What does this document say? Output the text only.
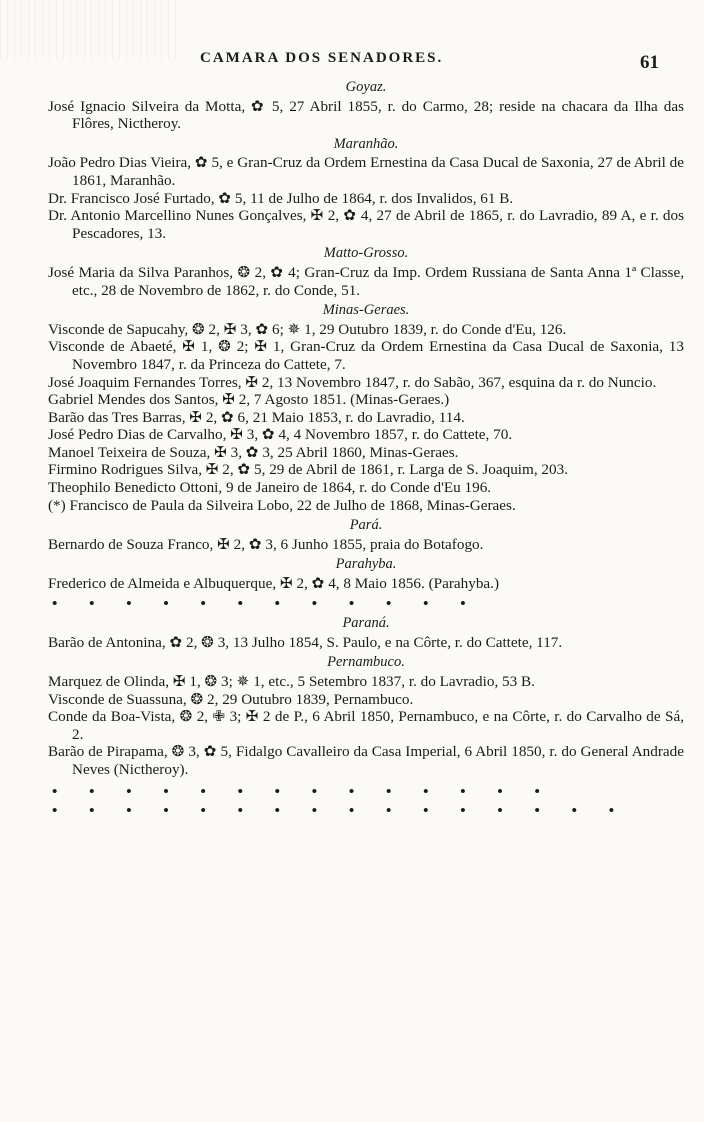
CAMARA DOS SENADORES.	61
Goyaz.

José Ignacio Silveira da Motta, ✿ 5, 27 Abril 1855, r. do Carmo, 28; reside na chacara da Ilha das Flôres, Nictheroy.

Maranhão.

João Pedro Dias Vieira, ✿ 5, e Gran-Cruz da Ordem Ernestina da Casa Ducal de Saxonia, 27 de Abril de 1861, Maranhão.

Dr. Francisco José Furtado, ✿ 5, 11 de Julho de 1864, r. dos Invalidos, 61 B.

Dr. Antonio Marcellino Nunes Gonçalves, ✠ 2, ✿ 4, 27 de Abril de 1865, r. do Lavradio, 89 A, e r. dos Pescadores, 13.

Matto-Grosso.

José Maria da Silva Paranhos, ❂ 2, ✿ 4; Gran-Cruz da Imp. Ordem Russiana de Santa Anna 1ª Classe, etc., 28 de Novembro de 1862, r. do Conde, 51.

Minas-Geraes.

Visconde de Sapucahy, ❂ 2, ✠ 3, ✿ 6; ✵ 1, 29 Outubro 1839, r. do Conde d'Eu, 126.

Visconde de Abaeté, ✠ 1, ❂ 2; ✠ 1, Gran-Cruz da Ordem Ernestina da Casa Ducal de Saxonia, 13 Novembro 1847, r. da Princeza do Cattete, 7.

José Joaquim Fernandes Torres, ✠ 2, 13 Novembro 1847, r. do Sabão, 367, esquina da r. do Nuncio.

Gabriel Mendes dos Santos, ✠ 2, 7 Agosto 1851. (Minas-Geraes.)

Barão das Tres Barras, ✠ 2, ✿ 6, 21 Maio 1853, r. do Lavradio, 114.

José Pedro Dias de Carvalho, ✠ 3, ✿ 4, 4 Novembro 1857, r. do Cattete, 70.

Manoel Teixeira de Souza, ✠ 3, ✿ 3, 25 Abril 1860, Minas-Geraes.

Firmino Rodrigues Silva, ✠ 2, ✿ 5, 29 de Abril de 1861, r. Larga de S. Joaquim, 203.

Theophilo Benedicto Ottoni, 9 de Janeiro de 1864, r. do Conde d'Eu 196.

(*) Francisco de Paula da Silveira Lobo, 22 de Julho de 1868, Minas-Geraes.

Pará.

Bernardo de Souza Franco, ✠ 2, ✿ 3, 6 Junho 1855, praia do Botafogo.

Parahyba.

Frederico de Almeida e Albuquerque, ✠ 2, ✿ 4, 8 Maio 1856. (Parahyba.)

• • • • • • • • • • • •
Paraná.

Barão de Antonina, ✿ 2, ❂ 3, 13 Julho 1854, S. Paulo, e na Côrte, r. do Cattete, 117.

Pernambuco.

Marquez de Olinda, ✠ 1, ❂ 3; ✵ 1, etc., 5 Setembro 1837, r. do Lavradio, 53 B.

Visconde de Suassuna, ❂ 2, 29 Outubro 1839, Pernambuco.

Conde da Boa-Vista, ❂ 2, ✙ 3; ✠ 2 de P., 6 Abril 1850, Pernambuco, e na Côrte, r. do Carvalho de Sá, 2.

Barão de Pirapama, ❂ 3, ✿ 5, Fidalgo Cavalleiro da Casa Imperial, 6 Abril 1850, r. do General Andrade Neves (Nictheroy).

• • • • • • • • • • • • • •
• • • • • • • • • • • • • • • •
